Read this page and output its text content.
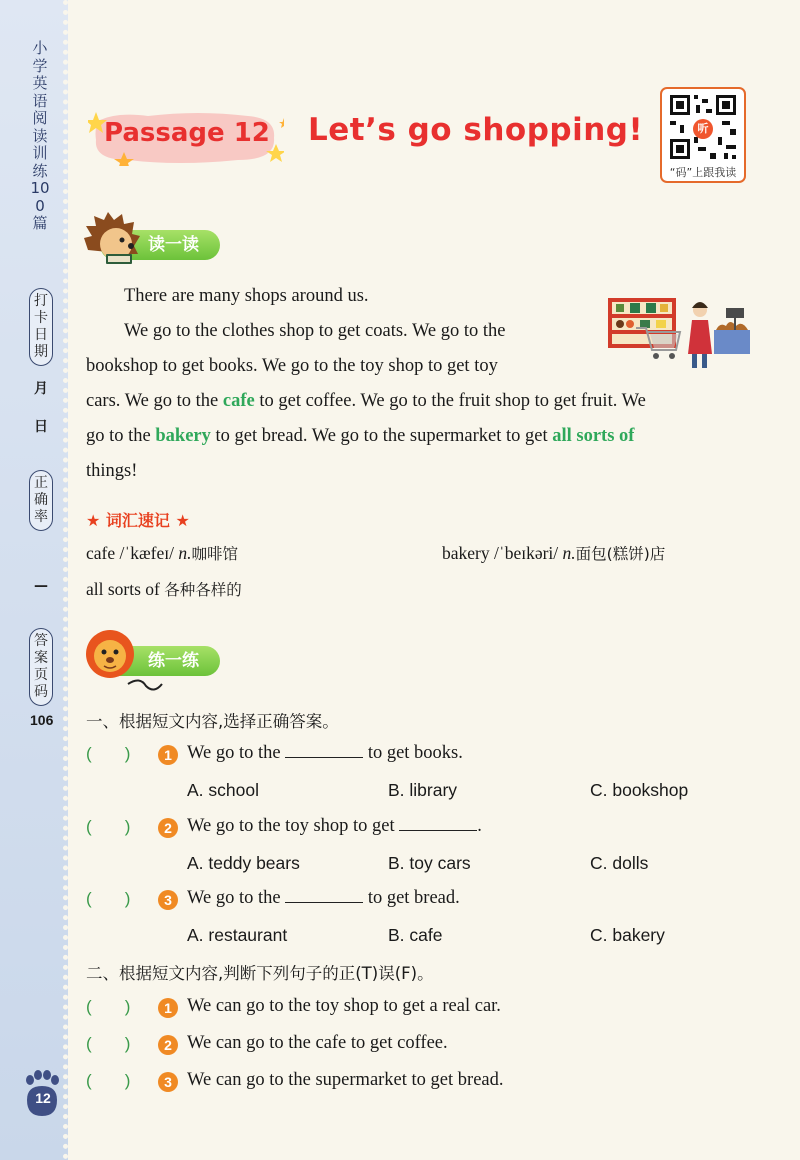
小学英语阅读训练100篇
打卡日期
月
日
正确率
—
答案页码
106
12
Passage 12 Let’s go shopping!	听
“码”上跟我读
读一读
There are many shops around us.
We go to the clothes shop to get coats. We go to the
bookshop to get books. We go to the toy shop to get toy
cars. We go to the cafe to get coffee. We go to the fruit shop to get fruit. We
go to the bakery to get bread. We go to the supermarket to get all sorts of
things!
★ 词汇速记 ★
cafe /ˈkæfeɪ/ n.咖啡馆	bakery /ˈbeɪkəri/ n.面包(糕饼)店
all sorts of 各种各样的
练一练
一、根据短文内容,选择正确答案。
(       )	1 We go to the	to get books.
A. school	B. library	C. bookshop
(       )	2 We go to the toy shop to get	.
A. teddy bears	B. toy cars	C. dolls
(       )	3 We go to the	to get bread.
A. restaurant	B. cafe	C. bakery
二、根据短文内容,判断下列句子的正(T)误(F)。
(       )	1 We can go to the toy shop to get a real car.
(       )	2 We can go to the cafe to get coffee.
(       )	3 We can go to the supermarket to get bread.
